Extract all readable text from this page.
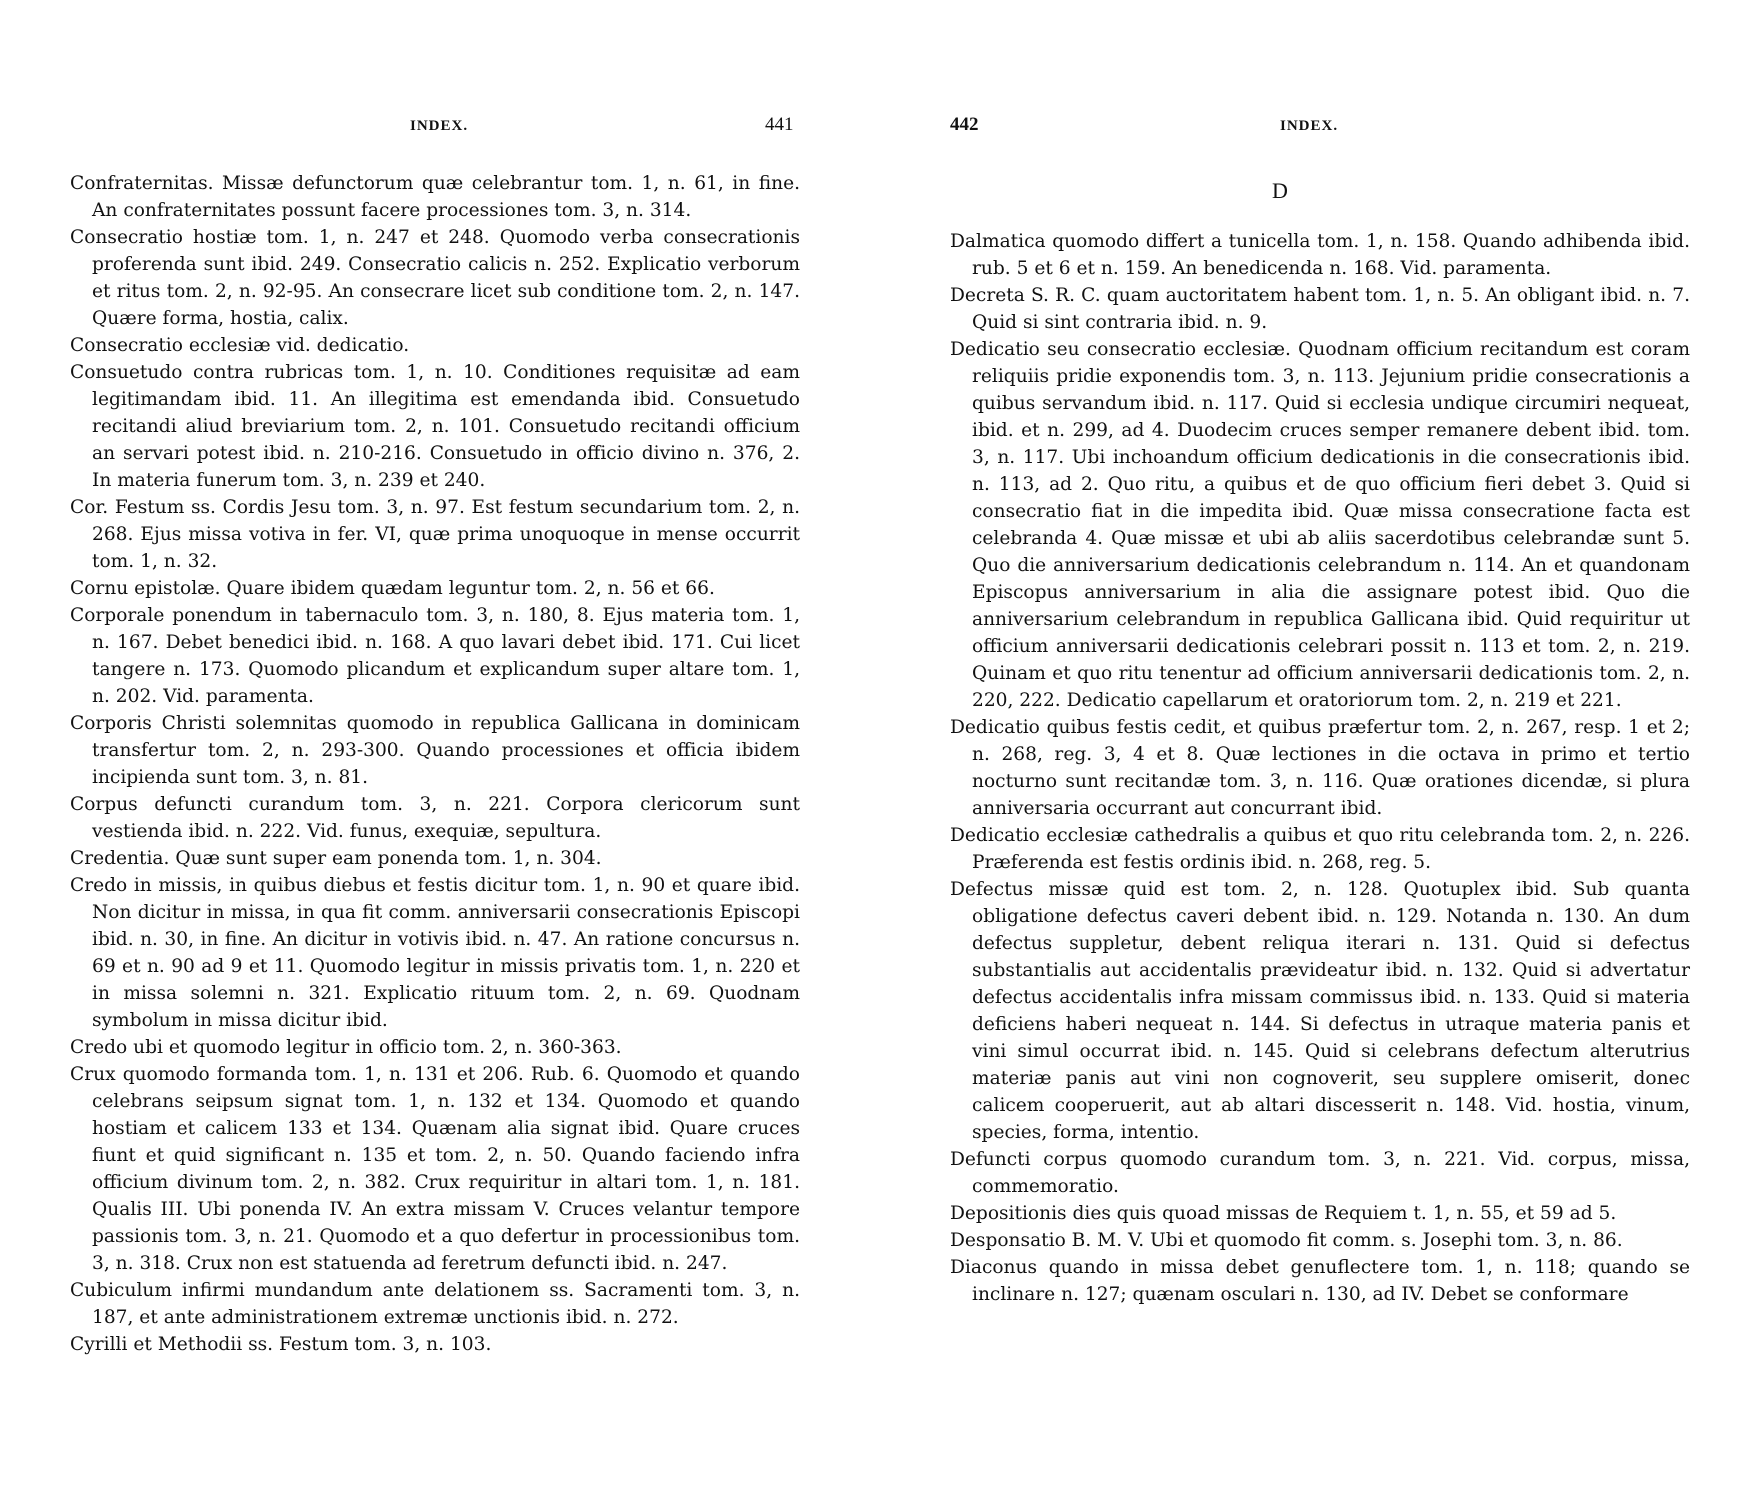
INDEX.	441

Confraternitas. Missæ defunctorum quæ celebrantur tom. 1, n. 61, in fine. An confraternitates possunt facere processiones tom. 3, n. 314.

Consecratio hostiæ tom. 1, n. 247 et 248. Quomodo verba consecrationis proferenda sunt ibid. 249. Consecratio calicis n. 252. Explicatio verborum et ritus tom. 2, n. 92-95. An consecrare licet sub conditione tom. 2, n. 147. Quære forma, hostia, calix.

Consecratio ecclesiæ vid. dedicatio.

Consuetudo contra rubricas tom. 1, n. 10. Conditiones requisitæ ad eam legitimandam ibid. 11. An illegitima est emendanda ibid. Consuetudo recitandi aliud breviarium tom. 2, n. 101. Consuetudo recitandi officium an servari potest ibid. n. 210-216. Consuetudo in officio divino n. 376, 2. In materia funerum tom. 3, n. 239 et 240.

Cor. Festum ss. Cordis Jesu tom. 3, n. 97. Est festum secundarium tom. 2, n. 268. Ejus missa votiva in fer. VI, quæ prima unoquoque in mense occurrit tom. 1, n. 32.

Cornu epistolæ. Quare ibidem quædam leguntur tom. 2, n. 56 et 66.

Corporale ponendum in tabernaculo tom. 3, n. 180, 8. Ejus materia tom. 1, n. 167. Debet benedici ibid. n. 168. A quo lavari debet ibid. 171. Cui licet tangere n. 173. Quomodo plicandum et explicandum super altare tom. 1, n. 202. Vid. paramenta.

Corporis Christi solemnitas quomodo in republica Gallicana in dominicam transfertur tom. 2, n. 293-300. Quando processiones et officia ibidem incipienda sunt tom. 3, n. 81.

Corpus defuncti curandum tom. 3, n. 221. Corpora clericorum sunt vestienda ibid. n. 222. Vid. funus, exequiæ, sepultura.

Credentia. Quæ sunt super eam ponenda tom. 1, n. 304.

Credo in missis, in quibus diebus et festis dicitur tom. 1, n. 90 et quare ibid. Non dicitur in missa, in qua fit comm. anniversarii consecrationis Episcopi ibid. n. 30, in fine. An dicitur in votivis ibid. n. 47. An ratione concursus n. 69 et n. 90 ad 9 et 11. Quomodo legitur in missis privatis tom. 1, n. 220 et in missa solemni n. 321. Explicatio rituum tom. 2, n. 69. Quodnam symbolum in missa dicitur ibid.

Credo ubi et quomodo legitur in officio tom. 2, n. 360-363.

Crux quomodo formanda tom. 1, n. 131 et 206. Rub. 6. Quomodo et quando celebrans seipsum signat tom. 1, n. 132 et 134. Quomodo et quando hostiam et calicem 133 et 134. Quænam alia signat ibid. Quare cruces fiunt et quid significant n. 135 et tom. 2, n. 50. Quando faciendo infra officium divinum tom. 2, n. 382. Crux requiritur in altari tom. 1, n. 181. Qualis III. Ubi ponenda IV. An extra missam V. Cruces velantur tempore passionis tom. 3, n. 21. Quomodo et a quo defertur in processionibus tom. 3, n. 318. Crux non est statuenda ad feretrum defuncti ibid. n. 247.

Cubiculum infirmi mundandum ante delationem ss. Sacramenti tom. 3, n. 187, et ante administrationem extremæ unctionis ibid. n. 272.

Cyrilli et Methodii ss. Festum tom. 3, n. 103.

442	INDEX.
D

Dalmatica quomodo differt a tunicella tom. 1, n. 158. Quando adhibenda ibid. rub. 5 et 6 et n. 159. An benedicenda n. 168. Vid. paramenta.

Decreta S. R. C. quam auctoritatem habent tom. 1, n. 5. An obligant ibid. n. 7. Quid si sint contraria ibid. n. 9.

Dedicatio seu consecratio ecclesiæ. Quodnam officium recitandum est coram reliquiis pridie exponendis tom. 3, n. 113. Jejunium pridie consecrationis a quibus servandum ibid. n. 117. Quid si ecclesia undique circumiri nequeat, ibid. et n. 299, ad 4. Duodecim cruces semper remanere debent ibid. tom. 3, n. 117. Ubi inchoandum officium dedicationis in die consecrationis ibid. n. 113, ad 2. Quo ritu, a quibus et de quo officium fieri debet 3. Quid si consecratio fiat in die impedita ibid. Quæ missa consecratione facta est celebranda 4. Quæ missæ et ubi ab aliis sacerdotibus celebrandæ sunt 5. Quo die anniversarium dedicationis celebrandum n. 114. An et quandonam Episcopus anniversarium in alia die assignare potest ibid. Quo die anniversarium celebrandum in republica Gallicana ibid. Quid requiritur ut officium anniversarii dedicationis celebrari possit n. 113 et tom. 2, n. 219. Quinam et quo ritu tenentur ad officium anniversarii dedicationis tom. 2, n. 220, 222. Dedicatio capellarum et oratoriorum tom. 2, n. 219 et 221.

Dedicatio quibus festis cedit, et quibus præfertur tom. 2, n. 267, resp. 1 et 2; n. 268, reg. 3, 4 et 8. Quæ lectiones in die octava in primo et tertio nocturno sunt recitandæ tom. 3, n. 116. Quæ orationes dicendæ, si plura anniversaria occurrant aut concurrant ibid.

Dedicatio ecclesiæ cathedralis a quibus et quo ritu celebranda tom. 2, n. 226. Præferenda est festis ordinis ibid. n. 268, reg. 5.

Defectus missæ quid est tom. 2, n. 128. Quotuplex ibid. Sub quanta obligatione defectus caveri debent ibid. n. 129. Notanda n. 130. An dum defectus suppletur, debent reliqua iterari n. 131. Quid si defectus substantialis aut accidentalis prævideatur ibid. n. 132. Quid si advertatur defectus accidentalis infra missam commissus ibid. n. 133. Quid si materia deficiens haberi nequeat n. 144. Si defectus in utraque materia panis et vini simul occurrat ibid. n. 145. Quid si celebrans defectum alterutrius materiæ panis aut vini non cognoverit, seu supplere omiserit, donec calicem cooperuerit, aut ab altari discesserit n. 148. Vid. hostia, vinum, species, forma, intentio.

Defuncti corpus quomodo curandum tom. 3, n. 221. Vid. corpus, missa, commemoratio.

Depositionis dies quis quoad missas de Requiem t. 1, n. 55, et 59 ad 5.

Desponsatio B. M. V. Ubi et quomodo fit comm. s. Josephi tom. 3, n. 86.

Diaconus quando in missa debet genuflectere tom. 1, n. 118; quando se inclinare n. 127; quænam osculari n. 130, ad IV. Debet se conformare
